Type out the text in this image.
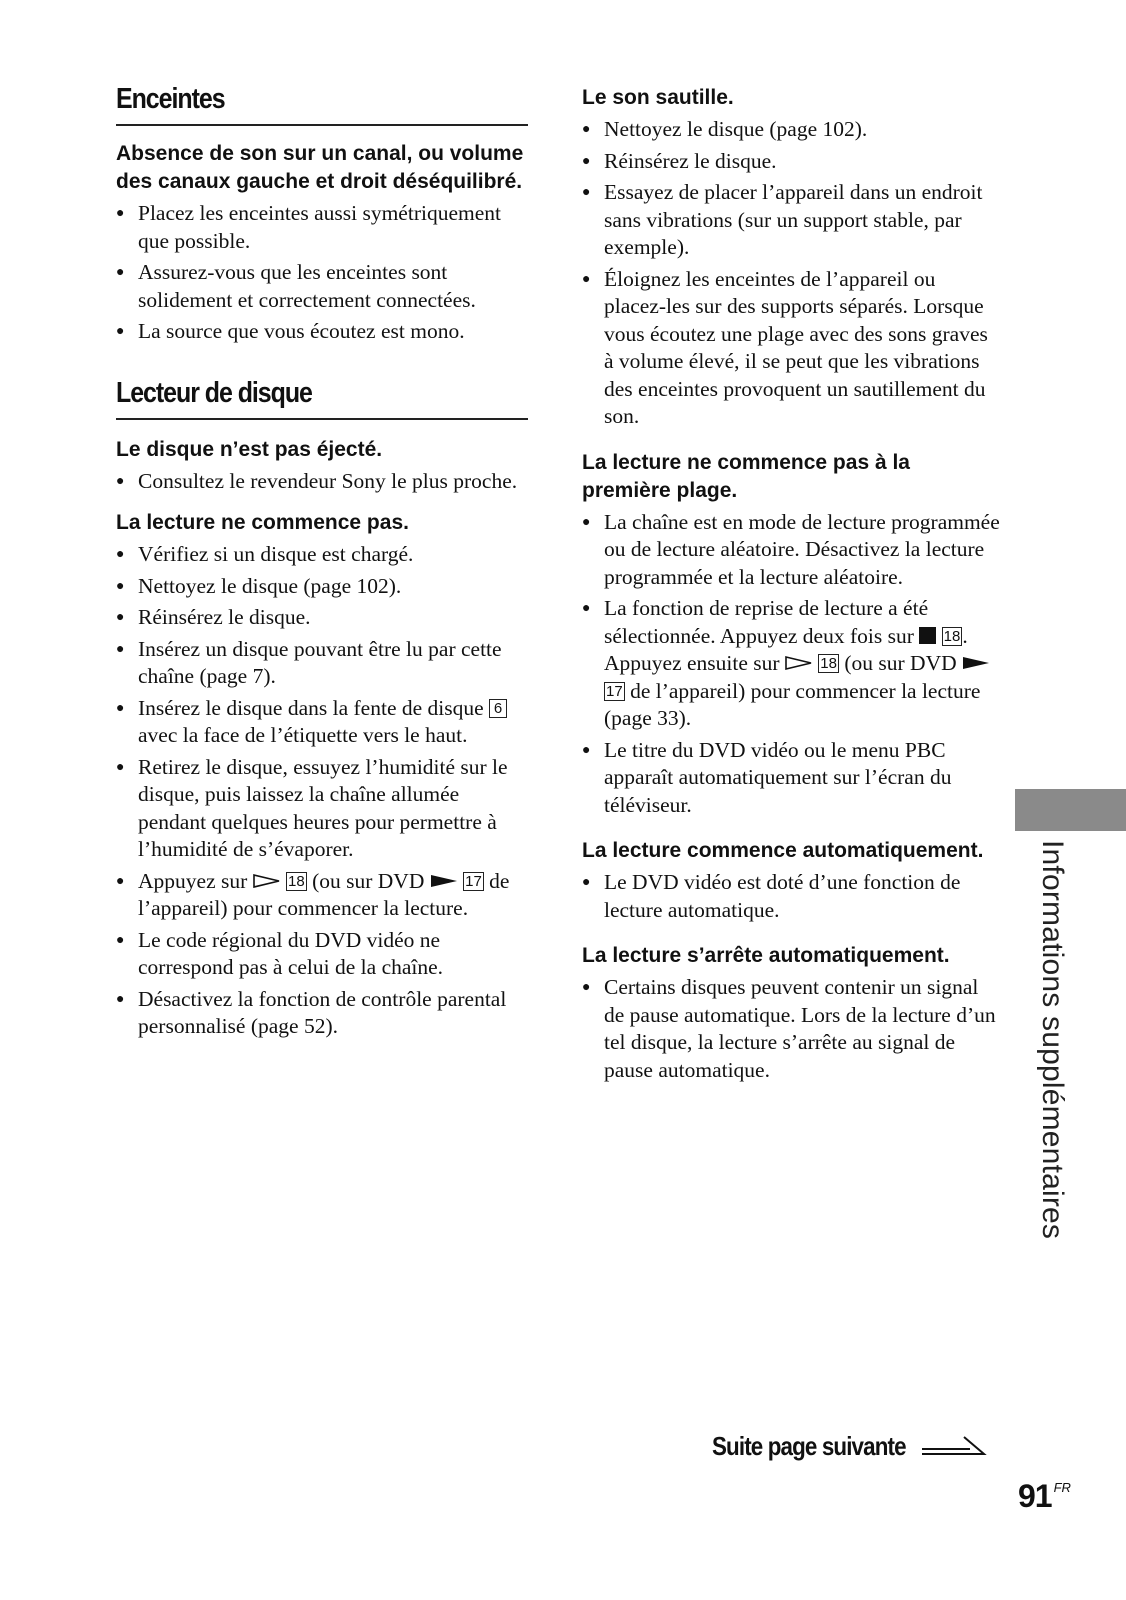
Enceintes
Absence de son sur un canal, ou volume des canaux gauche et droit déséquilibré.
● Placez les enceintes aussi symétriquement que possible.
● Assurez-vous que les enceintes sont solidement et correctement connectées.
● La source que vous écoutez est mono.
Lecteur de disque
Le disque n’est pas éjecté.
● Consultez le revendeur Sony le plus proche.
La lecture ne commence pas.
● Vérifiez si un disque est chargé.
● Nettoyez le disque (page 102).
● Réinsérez le disque.
● Insérez un disque pouvant être lu par cette chaîne (page 7).
● Insérez le disque dans la fente de disque 6 avec la face de l’étiquette vers le haut.
● Retirez le disque, essuyez l’humidité sur le disque, puis laissez la chaîne allumée pendant quelques heures pour permettre à l’humidité de s’évaporer.
● Appuyez sur	18 (ou sur DVD	17 de l’appareil) pour commencer la lecture.
● Le code régional du DVD vidéo ne correspond pas à celui de la chaîne.
● Désactivez la fonction de contrôle parental personnalisé (page 52).
Le son sautille.
● Nettoyez le disque (page 102).
● Réinsérez le disque.
● Essayez de placer l’appareil dans un endroit sans vibrations (sur un support stable, par exemple).
● Éloignez les enceintes de l’appareil ou placez-les sur des supports séparés. Lorsque vous écoutez une plage avec des sons graves à volume élevé, il se peut que les vibrations des enceintes provoquent un sautillement du son.
La lecture ne commence pas à la première plage.
● La chaîne est en mode de lecture programmée ou de lecture aléatoire. Désactivez la lecture programmée et la lecture aléatoire.
● La fonction de reprise de lecture a été sélectionnée. Appuyez deux fois sur 18. Appuyez ensuite sur	18 (ou sur DVD  17 de l’appareil) pour commencer la lecture (page 33).
● Le titre du DVD vidéo ou le menu PBC apparaît automatiquement sur l’écran du téléviseur.
La lecture commence automatiquement.
● Le DVD vidéo est doté d’une fonction de lecture automatique.
La lecture s’arrête automatiquement.
● Certains disques peuvent contenir un signal de pause automatique. Lors de la lecture d’un tel disque, la lecture s’arrête au signal de pause automatique.	Informations supplémentaires
Suite page suivante
91 $^{FR}$
